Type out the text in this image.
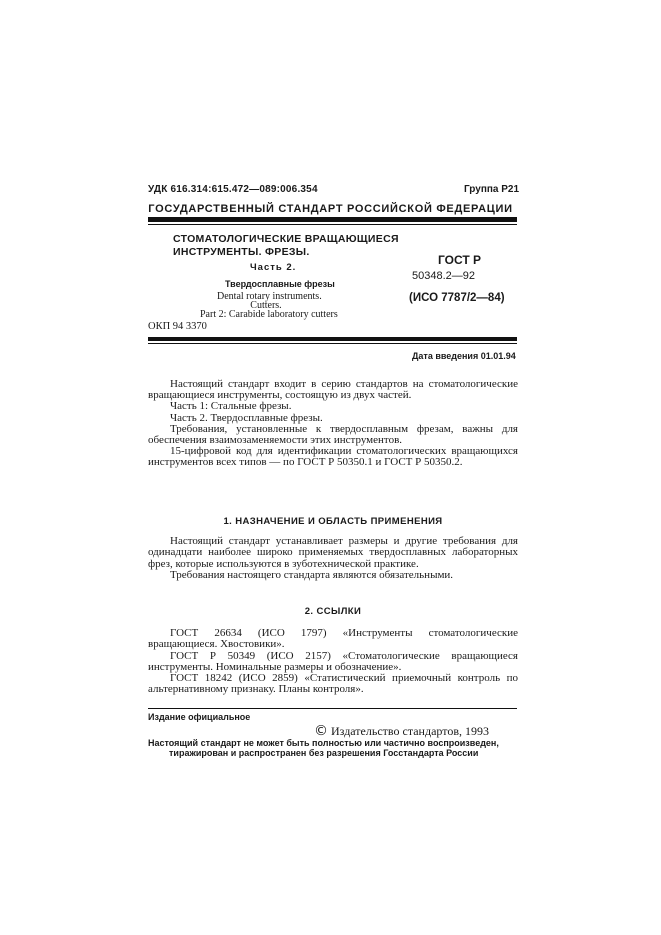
УДК 616.314:615.472—089:006.354	Группа Р21
ГОСУДАРСТВЕННЫЙ СТАНДАРТ РОССИЙСКОЙ ФЕДЕРАЦИИ
СТОМАТОЛОГИЧЕСКИЕ ВРАЩАЮЩИЕСЯ
ИНСТРУМЕНТЫ. ФРЕЗЫ.
Часть 2.
Твердосплавные фрезы
Dental rotary instruments.
Cutters.
Part 2: Carabide laboratory cutters
ОКП 94 3370
ГОСТ Р
50348.2—92
(ИСО 7787/2—84)
Дата введения 01.01.94

Настоящий стандарт входит в серию стандартов на стоматологические вращающиеся инструменты, состоящую из двух частей.

Часть 1: Стальные фрезы.

Часть 2. Твердосплавные фрезы.

Требования, установленные к твердосплавным фрезам, важны для обеспечения взаимозаменяемости этих инструментов.

15-цифровой код для идентификации стоматологических вращающихся инструментов всех типов — по ГОСТ Р 50350.1 и ГОСТ Р 50350.2.

1. НАЗНАЧЕНИЕ И ОБЛАСТЬ ПРИМЕНЕНИЯ

Настоящий стандарт устанавливает размеры и другие требования для одинадцати наиболее широко применяемых твердосплавных лабораторных фрез, которые используются в зуботехнической практике.

Требования настоящего стандарта являются обязательными.

2. ССЫЛКИ

ГОСТ 26634 (ИСО 1797) «Инструменты стоматологические вращающиеся. Хвостовики».

ГОСТ Р 50349 (ИСО 2157) «Стоматологические вращающиеся инструменты. Номинальные размеры и обозначение».

ГОСТ 18242 (ИСО 2859) «Статистический приемочный контроль по альтернативному признаку. Планы контроля».

Издание официальное
© Издательство стандартов, 1993
Настоящий стандарт не может быть полностью или частично воспроизведен,
тиражирован и распространен без разрешения Госстандарта России
